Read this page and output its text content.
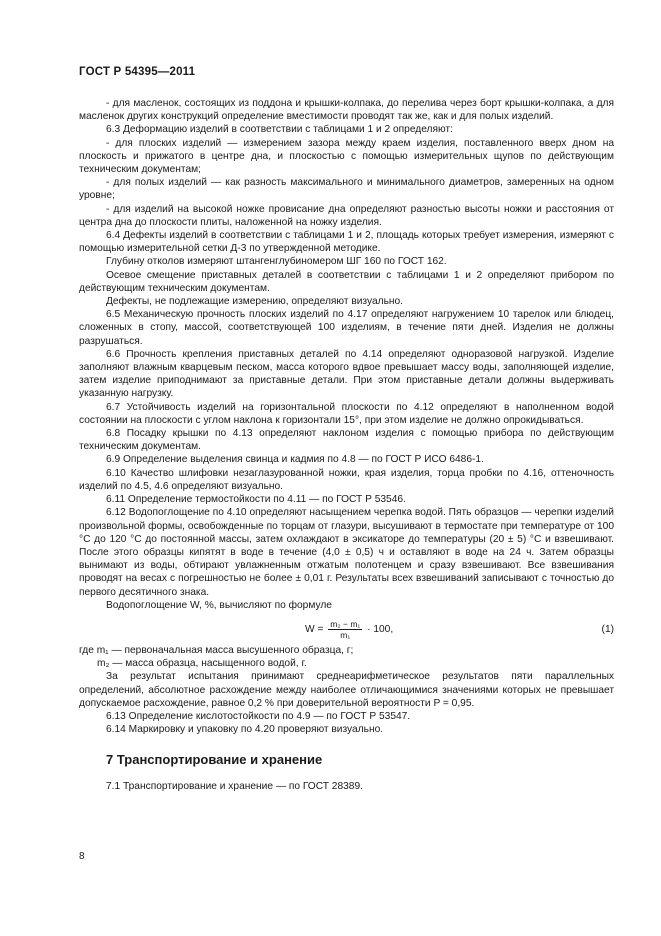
ГОСТ Р 54395—2011

- для масленок, состоящих из поддона и крышки-колпака, до перелива через борт крышки-колпака, а для масленок других конструкций определение вместимости проводят так же, как и для полых изделий.

6.3 Деформацию изделий в соответствии с таблицами 1 и 2 определяют:

- для плоских изделий — измерением зазора между краем изделия, поставленного вверх дном на плоскость и прижатого в центре дна, и плоскостью с помощью измерительных щупов по действующим техническим документам;

- для полых изделий — как разность максимального и минимального диаметров, замеренных на одном уровне;

- для изделий на высокой ножке провисание дна определяют разностью высоты ножки и расстояния от центра дна до плоскости плиты, наложенной на ножку изделия.

6.4 Дефекты изделий в соответствии с таблицами 1 и 2, площадь которых требует измерения, измеряют с помощью измерительной сетки Д-3 по утвержденной методике.

Глубину отколов измеряют штангенглубиномером ШГ 160 по ГОСТ 162.

Осевое смещение приставных деталей в соответствии с таблицами 1 и 2 определяют прибором по действующим техническим документам.

Дефекты, не подлежащие измерению, определяют визуально.

6.5 Механическую прочность плоских изделий по 4.17 определяют нагружением 10 тарелок или блюдец, сложенных в стопу, массой, соответствующей 100 изделиям, в течение пяти дней. Изделия не должны разрушаться.

6.6 Прочность крепления приставных деталей по 4.14 определяют одноразовой нагрузкой. Изделие заполняют влажным кварцевым песком, масса которого вдвое превышает массу воды, заполняющей изделие, затем изделие приподнимают за приставные детали. При этом приставные детали должны выдерживать указанную нагрузку.

6.7 Устойчивость изделий на горизонтальной плоскости по 4.12 определяют в наполненном водой состоянии на плоскости с углом наклона к горизонтали 15°, при этом изделие не должно опрокидываться.

6.8 Посадку крышки по 4.13 определяют наклоном изделия с помощью прибора по действующим техническим документам.

6.9 Определение выделения свинца и кадмия по 4.8 — по ГОСТ Р ИСО 6486-1.

6.10 Качество шлифовки незаглазурованной ножки, края изделия, торца пробки по 4.16, оттеночность изделий по 4.5, 4.6 определяют визуально.

6.11 Определение термостойкости по 4.11 — по ГОСТ Р 53546.

6.12 Водопоглощение по 4.10 определяют насыщением черепка водой. Пять образцов — черепки изделий произвольной формы, освобожденные по торцам от глазури, высушивают в термостате при температуре от 100 °С до 120 °С до постоянной массы, затем охлаждают в эксикаторе до температуры (20 ± 5) °С и взвешивают. После этого образцы кипятят в воде в течение (4,0 ± 0,5) ч и оставляют в воде на 24 ч. Затем образцы вынимают из воды, обтирают увлажненным отжатым полотенцем и сразу взвешивают. Все взвешивания проводят на весах с погрешностью не более ± 0,01 г. Результаты всех взвешиваний записывают с точностью до первого десятичного знака.

Водопоглощение W, %, вычисляют по формуле

$W = \frac{\text{m₂ − m₁}}{\text{m₁}} \cdot 100$,	(1)

где m₁ — первоначальная масса высушенного образца, г;

m₂ — масса образца, насыщенного водой, г.

За результат испытания принимают среднеарифметическое результатов пяти параллельных определений, абсолютное расхождение между наиболее отличающимися значениями которых не превышает допускаемое расхождение, равное 0,2 % при доверительной вероятности P = 0,95.

6.13 Определение кислотостойкости по 4.9 — по ГОСТ Р 53547.

6.14 Маркировку и упаковку по 4.20 проверяют визуально.

7 Транспортирование и хранение

7.1 Транспортирование и хранение — по ГОСТ 28389.

8
